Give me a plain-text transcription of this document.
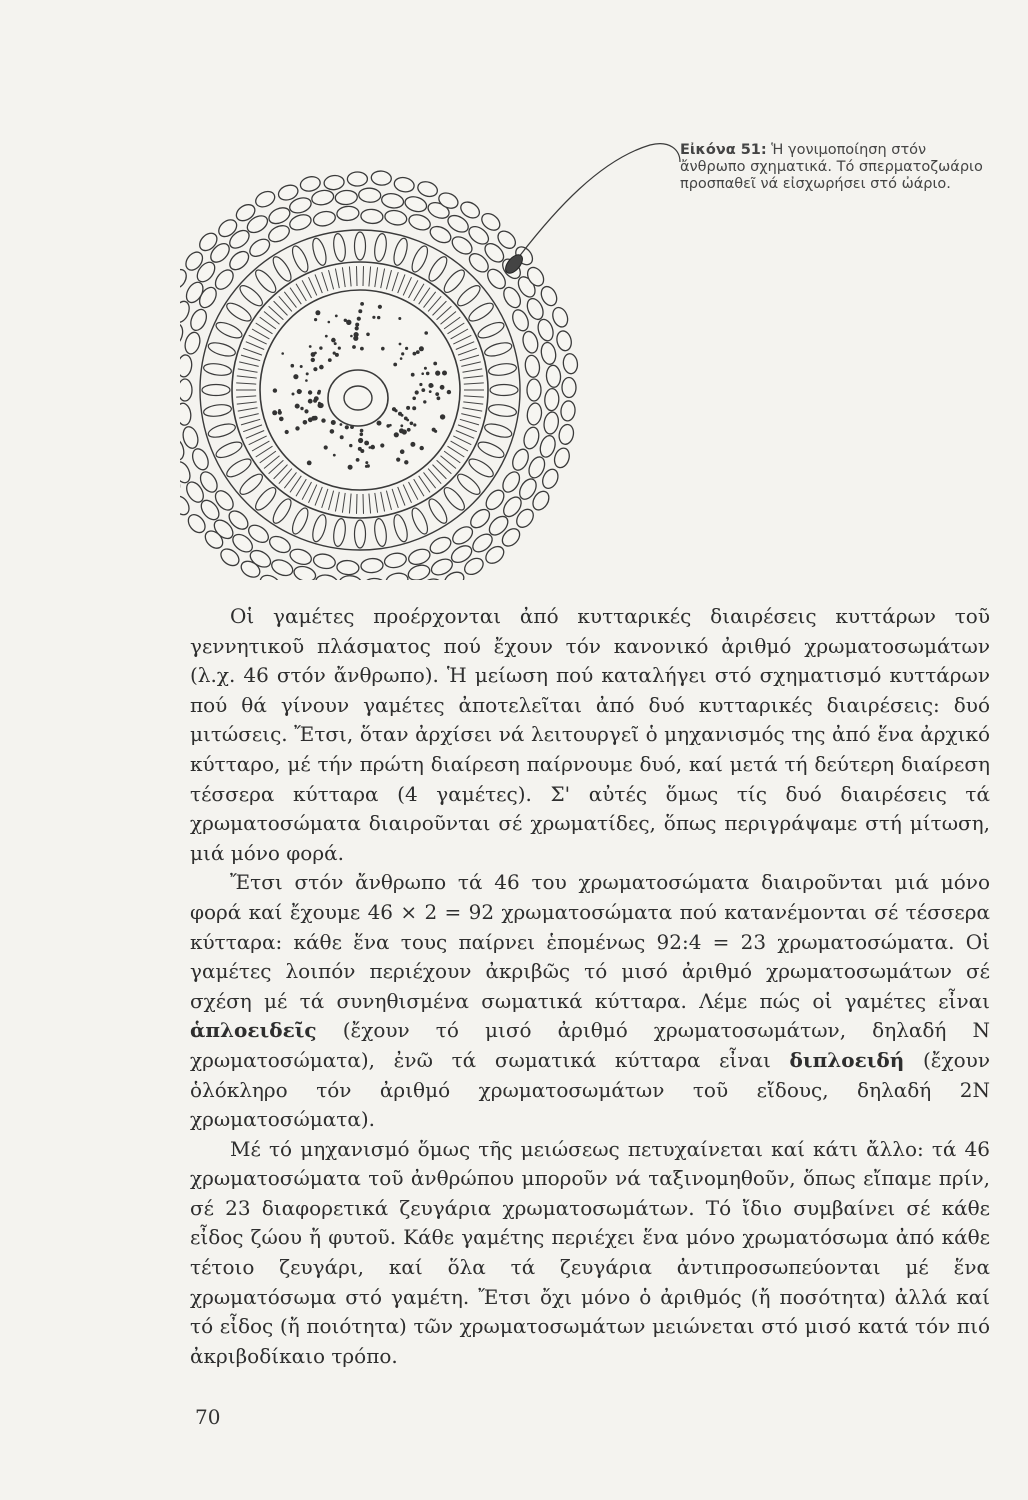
Εἰκόνα 51: Ἡ γονιμοποίηση στόν ἄνθρωπο σχηματικά. Τό σπερματοζωάριο προσπαθεῖ νά εἰσχωρήσει στό ὠάριο.

Οἱ γαμέτες προέρχονται ἀπό κυτταρικές διαιρέσεις κυττάρων τοῦ γεννητικοῦ πλάσματος πού ἔχουν τόν κανονικό ἀριθμό χρωματοσωμάτων (λ.χ. 46 στόν ἄνθρωπο). Ἡ μείωση πού καταλήγει στό σχηματισμό κυττάρων πού θά γίνουν γαμέτες ἀποτελεῖται ἀπό δυό κυτταρικές διαιρέσεις: δυό μιτώσεις. Ἔτσι, ὅταν ἀρχίσει νά λειτουργεῖ ὁ μηχανισμός της ἀπό ἕνα ἀρχικό κύτταρο, μέ τήν πρώτη διαίρεση παίρνουμε δυό, καί μετά τή δεύτερη διαίρεση τέσσερα κύτταρα (4 γαμέτες). Σ' αὐτές ὅμως τίς δυό διαιρέσεις τά χρωματοσώματα διαιροῦνται σέ χρωματίδες, ὅπως περιγράψαμε στή μίτωση, μιά μόνο φορά.

Ἔτσι στόν ἄνθρωπο τά 46 του χρωματοσώματα διαιροῦνται μιά μόνο φορά καί ἔχουμε 46 × 2 = 92 χρωματοσώματα πού κατανέμονται σέ τέσσερα κύτταρα: κάθε ἕνα τους παίρνει ἑπομένως 92:4 = 23 χρωματοσώματα. Οἱ γαμέτες λοιπόν περιέχουν ἀκριβῶς τό μισό ἀριθμό χρωματοσωμάτων σέ σχέση μέ τά συνηθισμένα σωματικά κύτταρα. Λέμε πώς οἱ γαμέτες εἶναι ἁπλοειδεῖς (ἔχουν τό μισό ἀριθμό χρωματοσωμάτων, δηλαδή Ν χρωματοσώματα), ἐνῶ τά σωματικά κύτταρα εἶναι διπλοειδή (ἔχουν ὁλόκληρο τόν ἀριθμό χρωματοσωμάτων τοῦ εἴδους, δηλαδή 2Ν χρωματοσώματα).

Μέ τό μηχανισμό ὅμως τῆς μειώσεως πετυχαίνεται καί κάτι ἄλλο: τά 46 χρωματοσώματα τοῦ ἀνθρώπου μποροῦν νά ταξινομηθοῦν, ὅπως εἴπαμε πρίν, σέ 23 διαφορετικά ζευγάρια χρωματοσωμάτων. Τό ἴδιο συμβαίνει σέ κάθε εἶδος ζώου ἤ φυτοῦ. Κάθε γαμέτης περιέχει ἕνα μόνο χρωματόσωμα ἀπό κάθε τέτοιο ζευγάρι, καί ὅλα τά ζευγάρια ἀντιπροσωπεύονται μέ ἕνα χρωματόσωμα στό γαμέτη. Ἔτσι ὄχι μόνο ὁ ἀριθμός (ἤ ποσότητα) ἀλλά καί τό εἶδος (ἤ ποιότητα) τῶν χρωματοσωμάτων μειώνεται στό μισό κατά τόν πιό ἀκριβοδίκαιο τρόπο.

70
